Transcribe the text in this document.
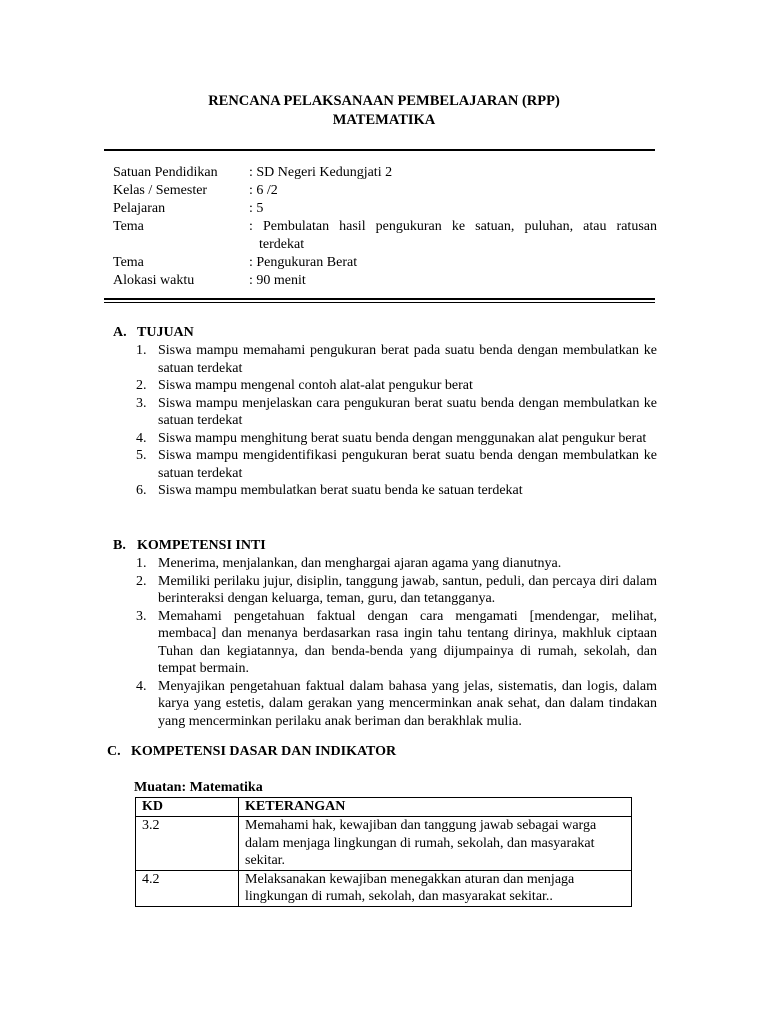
RENCANA PELAKSANAAN PEMBELAJARAN (RPP)
MATEMATIKA
Satuan Pendidikan : SD Negeri Kedungjati 2
Kelas / Semester	: 6 /2
Pelajaran	: 5
Tema	: Pembulatan hasil pengukuran ke satuan, puluhan, atau ratusan
terdekat
Tema	: Pengukuran Berat
Alokasi waktu	: 90 menit
A. TUJUAN
1. Siswa mampu memahami pengukuran berat pada suatu benda dengan membulatkan ke satuan terdekat
2. Siswa mampu mengenal contoh alat-alat pengukur berat
3. Siswa mampu menjelaskan cara pengukuran berat suatu benda dengan membulatkan ke satuan terdekat
4. Siswa mampu menghitung berat suatu benda dengan menggunakan alat pengukur berat
5. Siswa mampu mengidentifikasi pengukuran berat suatu benda dengan membulatkan ke satuan terdekat
6. Siswa mampu membulatkan berat suatu benda ke satuan terdekat
B. KOMPETENSI INTI
1. Menerima, menjalankan, dan menghargai ajaran agama yang dianutnya.
2. Memiliki perilaku jujur, disiplin, tanggung jawab, santun, peduli, dan percaya diri dalam berinteraksi dengan keluarga, teman, guru, dan tetangganya.
3. Memahami pengetahuan faktual dengan cara mengamati [mendengar, melihat, membaca] dan menanya berdasarkan rasa ingin tahu tentang dirinya, makhluk ciptaan Tuhan dan kegiatannya, dan benda-benda yang dijumpainya di rumah, sekolah, dan tempat bermain.
4. Menyajikan pengetahuan faktual dalam bahasa yang jelas, sistematis, dan logis, dalam karya yang estetis, dalam gerakan yang mencerminkan anak sehat, dan dalam tindakan yang mencerminkan perilaku anak beriman dan berakhlak mulia.
C. KOMPETENSI DASAR DAN INDIKATOR
Muatan: Matematika
KD	KETERANGAN
3.2	Memahami hak, kewajiban dan tanggung jawab sebagai warga dalam menjaga lingkungan di rumah, sekolah, dan masyarakat sekitar.
4.2	Melaksanakan kewajiban menegakkan aturan dan menjaga lingkungan di rumah, sekolah, dan masyarakat sekitar..
